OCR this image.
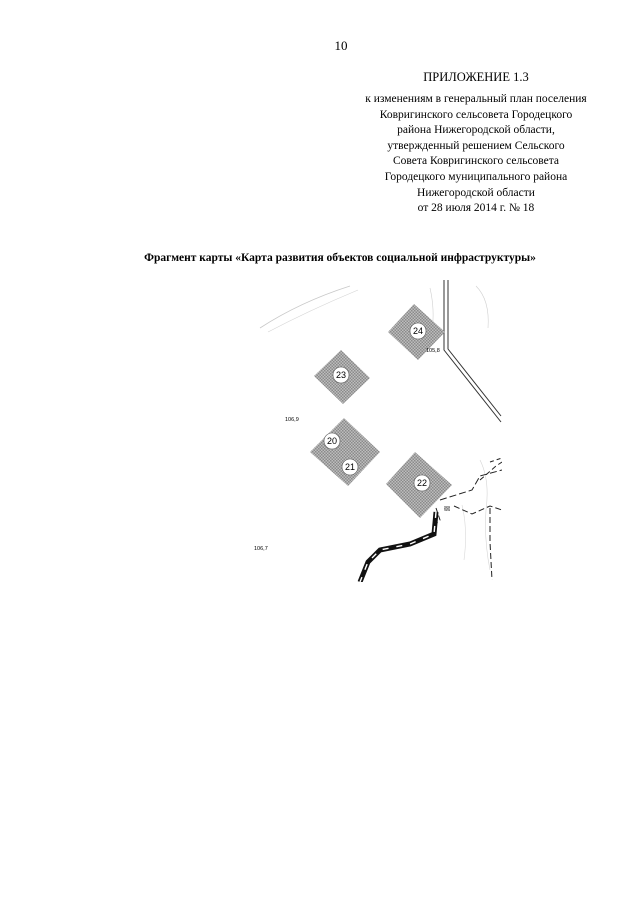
10
ПРИЛОЖЕНИЕ 1.3
к изменениям в генеральный план поселения
Ковригинского сельсовета Городецкого
района Нижегородской области,
утвержденный решением Сельского
Совета Ковригинского сельсовета
Городецкого муниципального района
Нижегородской области
от 28 июля 2014 г. № 18
Фрагмент карты «Карта развития объектов социальной инфраструктуры»
24
23
20
21
22
105,8
106,9
106,7
